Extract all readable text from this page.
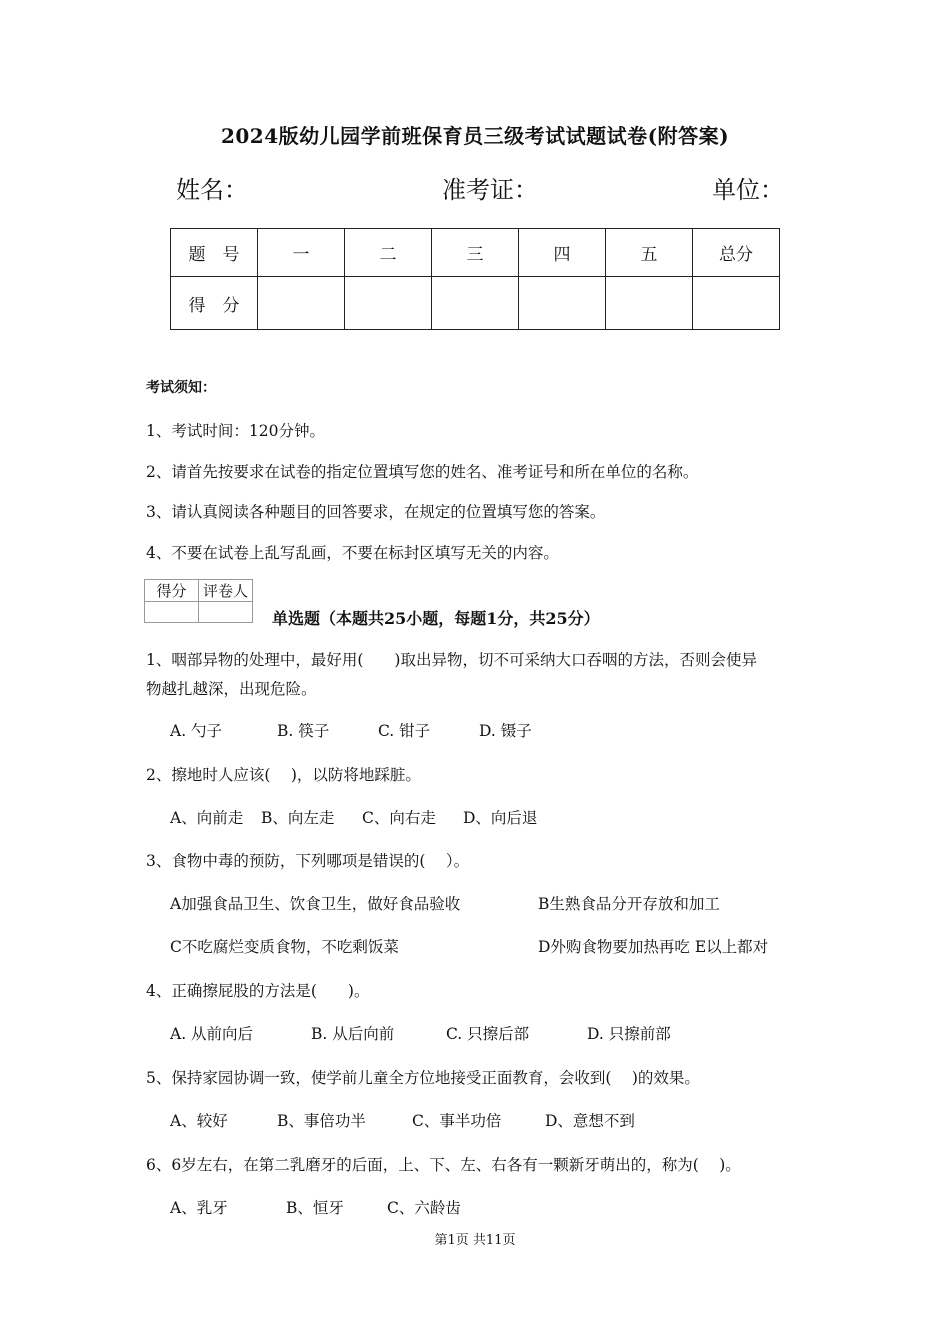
2024版幼儿园学前班保育员三级考试试题试卷(附答案)
姓名：	准考证：	单位：
题　号	一	二	三	四	五	总分
得　分						
考试须知：
1、考试时间：120分钟。
2、请首先按要求在试卷的指定位置填写您的姓名、准考证号和所在单位的名称。
3、请认真阅读各种题目的回答要求，在规定的位置填写您的答案。
4、不要在试卷上乱写乱画，不要在标封区填写无关的内容。
得分	评卷人

单选题（本题共25小题，每题1分，共25分）
1、咽部异物的处理中，最好用(　　)取出异物，切不可采纳大口吞咽的方法，否则会使异
物越扎越深，出现危险。
A. 勺子	B. 筷子	C. 钳子	D. 镊子
2、擦地时人应该(　 )，以防将地踩脏。
A、向前走 B、向左走 C、向右走 D、向后退
3、食物中毒的预防，下列哪项是错误的(　 ）。
A加强食品卫生、饮食卫生，做好食品验收	B生熟食品分开存放和加工
C不吃腐烂变质食物，不吃剩饭菜	D外购食物要加热再吃 E以上都对
4、正确擦屁股的方法是(　　)。
A. 从前向后	B. 从后向前	C. 只擦后部	D. 只擦前部
5、保持家园协调一致，使学前儿童全方位地接受正面教育，会收到(　 )的效果。
A、较好	B、事倍功半	C、事半功倍	D、意想不到
6、6岁左右，在第二乳磨牙的后面，上、下、左、右各有一颗新牙萌出的，称为(　 )。
A、乳牙	B、恒牙	C、六龄齿
第1页 共11页
